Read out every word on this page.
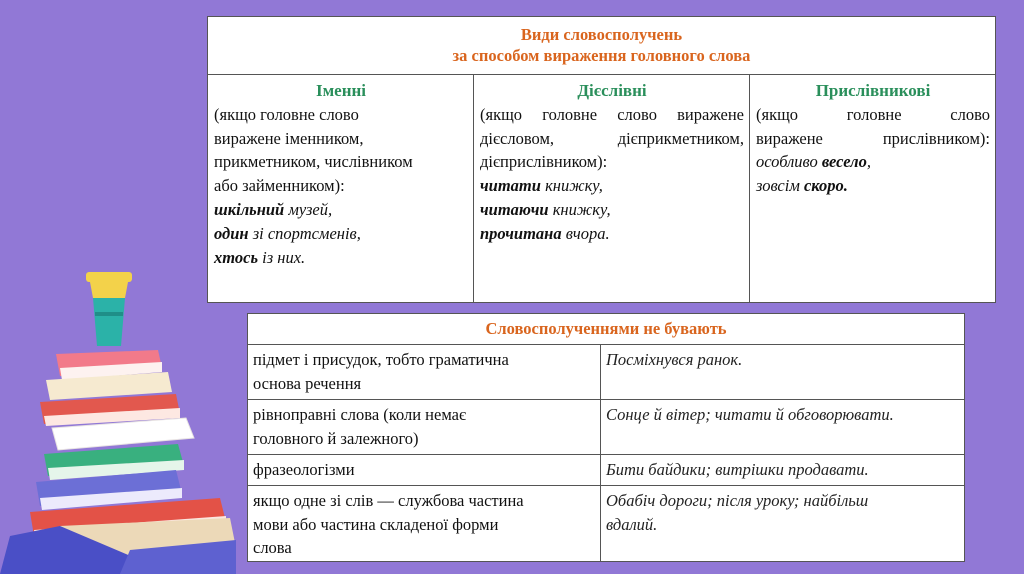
Види словосполучень
за способом вираження головного слова
Іменні
(якщо головне слово
виражене іменником,
прикметником, числівником
або займенником):
шкільний музей,
один зі спортсменів,
хтось із них.
Дієслівні
(якщо головне слово виражене
дієсловом, дієприкметником,
дієприслівником):
читати книжку,
читаючи книжку,
прочитана вчора.
Прислівникові
(якщо головне слово
виражене прислівником):
особливо весело,
зовсім скоро.
Словосполученнями не бувають
підмет і присудок, тобто граматична
основа речення
Посміхнувся ранок.
рівноправні слова (коли немає
головного й залежного)
Сонце й вітер; читати й обговорювати.
фразеологізми	Бити байдики; витрішки продавати.
якщо одне зі слів — службова частина
мови або частина складеної форми
слова
Обабіч дороги; після уроку; найбільш
вдалий.
